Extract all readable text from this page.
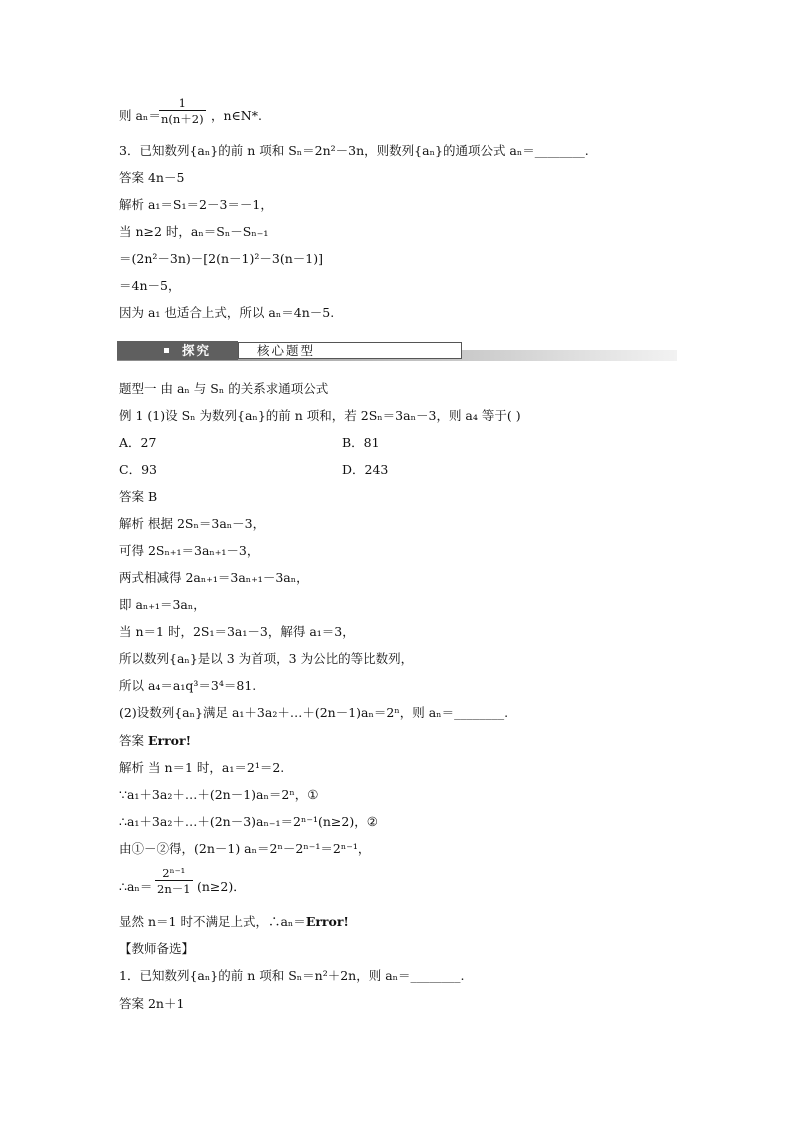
则 aₙ＝
1
n(n＋2) ，n∈N*.
3．已知数列{aₙ}的前 n 项和 Sₙ＝2n²－3n，则数列{aₙ}的通项公式 aₙ＝________.
答案 4n－5
解析 a₁＝S₁＝2－3＝－1，
当 n≥2 时，aₙ＝Sₙ－Sₙ₋₁
＝(2n²－3n)－[2(n－1)²－3(n－1)]
＝4n－5，
因为 a₁ 也适合上式，所以 aₙ＝4n－5.
探究	核心题型
题型一 由 aₙ 与 Sₙ 的关系求通项公式
例 1 (1)设 Sₙ 为数列{aₙ}的前 n 项和，若 2Sₙ＝3aₙ－3，则 a₄ 等于( )
A．27	B．81
C．93	D．243
答案 B
解析 根据 2Sₙ＝3aₙ－3，
可得 2Sₙ₊₁＝3aₙ₊₁－3，
两式相减得 2aₙ₊₁＝3aₙ₊₁－3aₙ，
即 aₙ₊₁＝3aₙ，
当 n＝1 时，2S₁＝3a₁－3，解得 a₁＝3，
所以数列{aₙ}是以 3 为首项，3 为公比的等比数列，
所以 a₄＝a₁q³＝3⁴＝81.
(2)设数列{aₙ}满足 a₁＋3a₂＋…＋(2n－1)aₙ＝2ⁿ，则 aₙ＝________.
答案 Error!
解析 当 n＝1 时，a₁＝2¹＝2.
∵a₁＋3a₂＋…＋(2n－1)aₙ＝2ⁿ，①
∴a₁＋3a₂＋…＋(2n－3)aₙ₋₁＝2ⁿ⁻¹(n≥2)，②
由①－②得，(2n－1) aₙ＝2ⁿ－2ⁿ⁻¹＝2ⁿ⁻¹，
∴aₙ＝
2ⁿ⁻¹
2n－1 (n≥2)．
显然 n＝1 时不满足上式，∴aₙ＝Error!
【教师备选】
1．已知数列{aₙ}的前 n 项和 Sₙ＝n²＋2n，则 aₙ＝________.
答案 2n＋1
